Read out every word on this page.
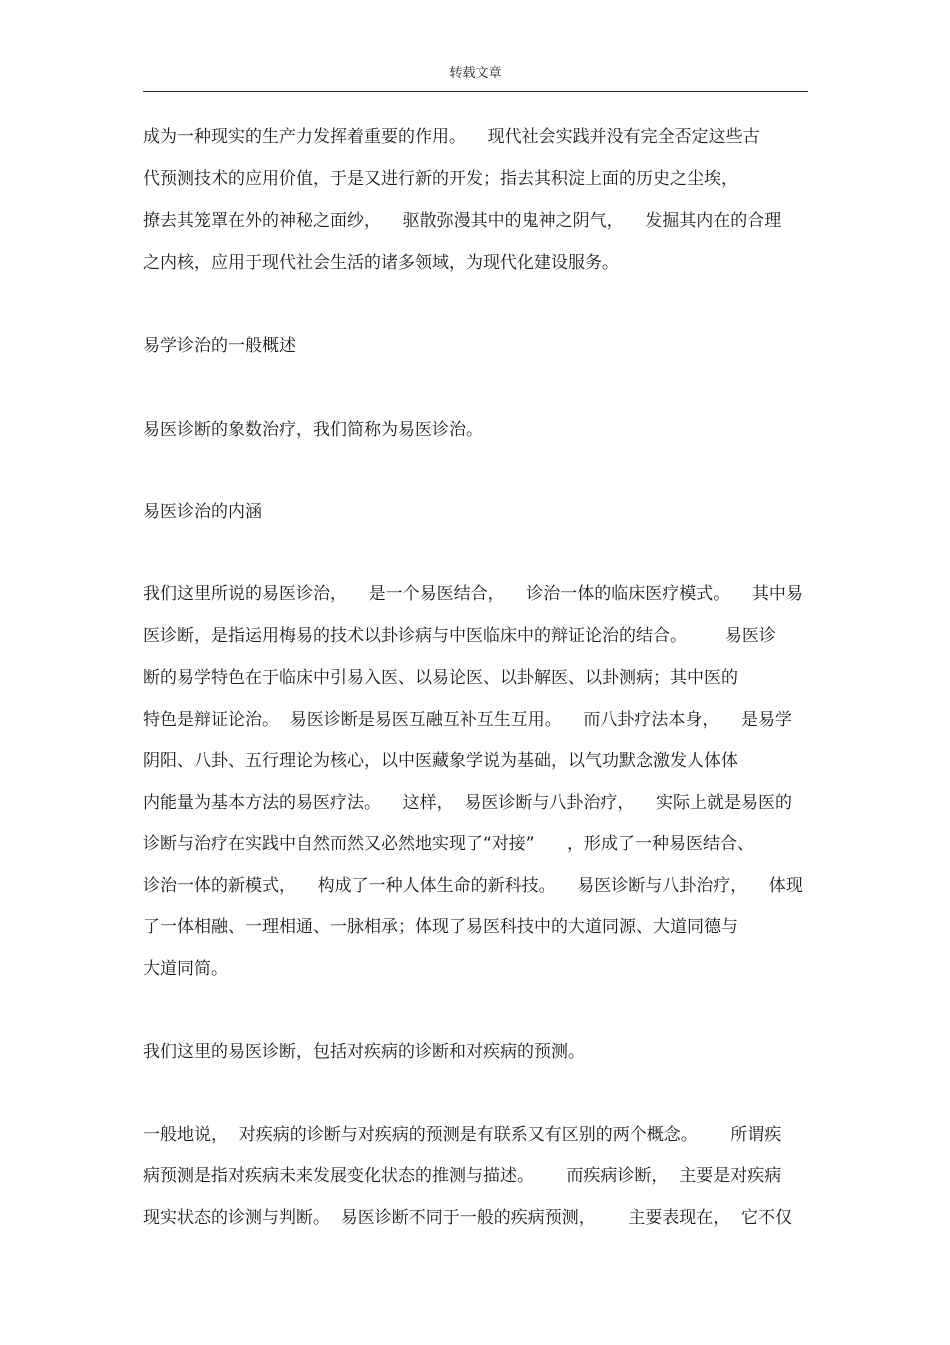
转载文章
成为一种现实的生产力发挥着重要的作用。    现代社会实践并没有完全否定这些古
代预测技术的应用价值，于是又进行新的开发；指去其积淀上面的历史之尘埃，
撩去其笼罩在外的神秘之面纱，    驱散弥漫其中的鬼神之阴气，    发掘其内在的合理
之内核，应用于现代社会生活的诸多领域，为现代化建设服务。
易学诊治的一般概述
易医诊断的象数治疗，我们简称为易医诊治。
易医诊治的内涵
我们这里所说的易医诊治，    是一个易医结合，    诊治一体的临床医疗模式。    其中易
医诊断，是指运用梅易的技术以卦诊病与中医临床中的辩证论治的结合。       易医诊
断的易学特色在于临床中引易入医、以易论医、以卦解医、以卦测病；其中医的
特色是辩证论治。  易医诊断是易医互融互补互生互用。    而八卦疗法本身，    是易学
阴阳、八卦、五行理论为核心，以中医藏象学说为基础，以气功默念激发人体体
内能量为基本方法的易医疗法。    这样，  易医诊断与八卦治疗，    实际上就是易医的
诊断与治疗在实践中自然而然又必然地实现了“对接”      ，形成了一种易医结合、
诊治一体的新模式，    构成了一种人体生命的新科技。    易医诊断与八卦治疗，    体现
了一体相融、一理相通、一脉相承；体现了易医科技中的大道同源、大道同德与
大道同简。
我们这里的易医诊断，包括对疾病的诊断和对疾病的预测。
一般地说，  对疾病的诊断与对疾病的预测是有联系又有区别的两个概念。      所谓疾
病预测是指对疾病未来发展变化状态的推测与描述。      而疾病诊断，  主要是对疾病
现实状态的诊测与判断。  易医诊断不同于一般的疾病预测，      主要表现在，  它不仅
